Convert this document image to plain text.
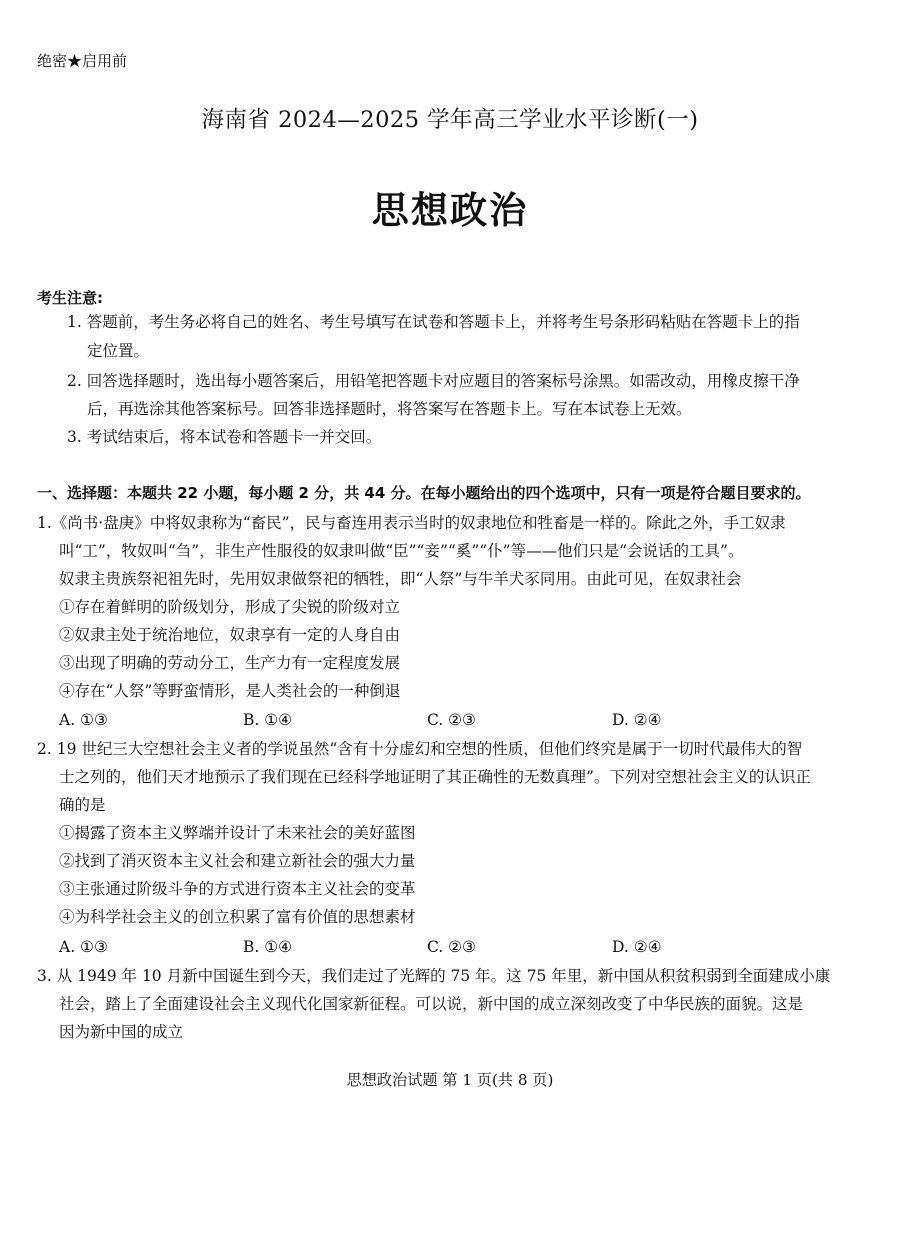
绝密★启用前
海南省 2024—2025 学年高三学业水平诊断(一)
思想政治
考生注意:
1. 答题前，考生务必将自己的姓名、考生号填写在试卷和答题卡上，并将考生号条形码粘贴在答题卡上的指
定位置。
2. 回答选择题时，选出每小题答案后，用铅笔把答题卡对应题目的答案标号涂黑。如需改动，用橡皮擦干净
后，再选涂其他答案标号。回答非选择题时，将答案写在答题卡上。写在本试卷上无效。
3. 考试结束后，将本试卷和答题卡一并交回。
一、选择题：本题共 22 小题，每小题 2 分，共 44 分。在每小题给出的四个选项中，只有一项是符合题目要求的。
1.《尚书·盘庚》中将奴隶称为“畜民”，民与畜连用表示当时的奴隶地位和牲畜是一样的。除此之外，手工奴隶
叫“工”，牧奴叫“刍”，非生产性服役的奴隶叫做“臣”“妾”“奚”“仆”等——他们只是“会说话的工具”。
奴隶主贵族祭祀祖先时，先用奴隶做祭祀的牺牲，即“人祭”与牛羊犬豕同用。由此可见，在奴隶社会
①存在着鲜明的阶级划分，形成了尖锐的阶级对立
②奴隶主处于统治地位，奴隶享有一定的人身自由
③出现了明确的劳动分工，生产力有一定程度发展
④存在“人祭”等野蛮情形，是人类社会的一种倒退
A. ①③	B. ①④	C. ②③	D. ②④
2. 19 世纪三大空想社会主义者的学说虽然“含有十分虚幻和空想的性质，但他们终究是属于一切时代最伟大的智
士之列的，他们天才地预示了我们现在已经科学地证明了其正确性的无数真理”。下列对空想社会主义的认识正
确的是
①揭露了资本主义弊端并设计了未来社会的美好蓝图
②找到了消灭资本主义社会和建立新社会的强大力量
③主张通过阶级斗争的方式进行资本主义社会的变革
④为科学社会主义的创立积累了富有价值的思想素材
A. ①③	B. ①④	C. ②③	D. ②④
3. 从 1949 年 10 月新中国诞生到今天，我们走过了光辉的 75 年。这 75 年里，新中国从积贫积弱到全面建成小康
社会，踏上了全面建设社会主义现代化国家新征程。可以说，新中国的成立深刻改变了中华民族的面貌。这是
因为新中国的成立
思想政治试题 第 1 页(共 8 页)
